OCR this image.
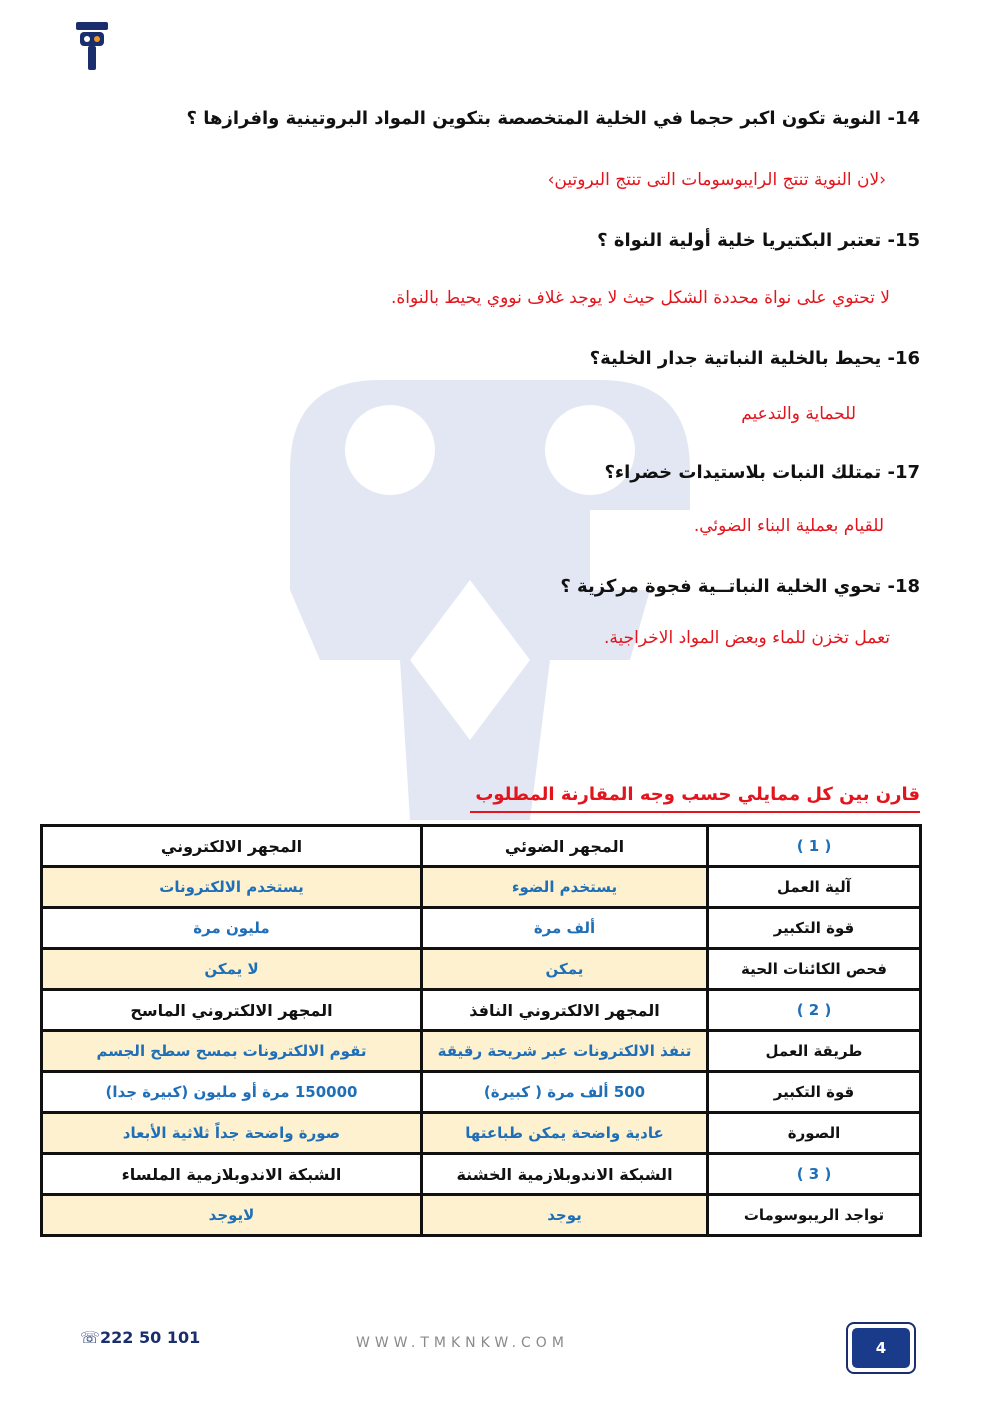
14- النوية تكون اكبر حجما في الخلية المتخصصة بتكوين المواد البروتينية وافرازها ؟
‹لان النوية تنتج الرايبوسومات التى تنتج البروتين›
15- تعتبر البكتيريا خلية أولية النواة ؟
لا تحتوي على نواة محددة الشكل حيث لا يوجد غلاف نووي يحيط بالنواة.
16- يحيط بالخلية النباتية جدار الخلية؟
للحماية والتدعيم
17- تمتلك النبات بلاستيدات خضراء؟
للقيام بعملية البناء الضوئي.
18- تحوي الخلية النباتــية فجوة مركزية ؟
تعمل تخزن للماء وبعض المواد الاخراجية.
قارن بين كل ممايلي حسب وجه المقارنة المطلوب
( 1 )	المجهر الضوئي	المجهر الالكتروني
آلية العمل	يستخدم الضوء	يستخدم الالكترونات
قوة التكبير	ألف مرة	مليون مرة
فحص الكائنات الحية	يمكن	لا يمكن
( 2 )	المجهر الالكتروني النافذ	المجهر الالكتروني الماسح
طريقة العمل	تنفذ الالكترونات عبر شريحة رقيقة	تقوم الالكترونات بمسح سطح الجسم
قوة التكبير	500 ألف مرة ( كبيرة)	150000 مرة أو مليون (كبيرة جدا)
الصورة	عادية واضحة يمكن طباعتها	صورة واضحة جداً ثلاثية الأبعاد
( 3 )	الشبكة الاندوبلازمية الخشنة	الشبكة الاندوبلازمية الملساء
تواجد الريبوسومات	يوجد	لايوجد
☏222 50 101	WWW.TMKNKW.COM	4
